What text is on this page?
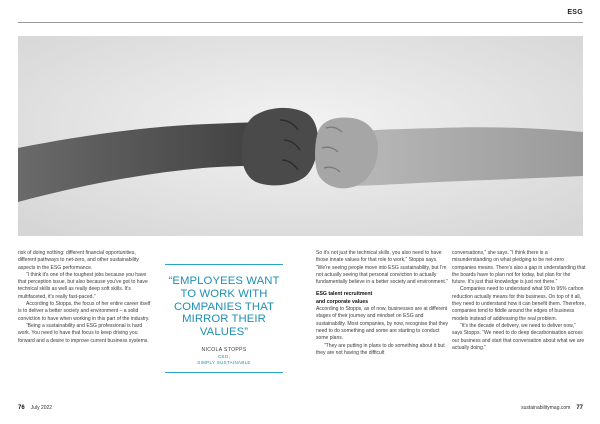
ESG

risk of doing nothing: different financial opportunities, different pathways to net-zero, and other sustainability aspects in the ESG performance.

“I think it's one of the toughest jobs because you have that perception issue, but also because you've got to have technical skills as well as really deep soft skills. It's multifaceted, it's really fast-paced.”

According to Stopps, the focus of her entire career itself is to deliver a better society and environment – a solid conviction to have when working in this part of the industry.

“Being a sustainability and ESG professional is hard work. You need to have that focus to keep driving you forward and a desire to improve current business systems.

“EMPLOYEES WANT TO WORK WITH COMPANIES THAT MIRROR THEIR VALUES”
NICOLA STOPPS
CEO,
SIMPLY SUSTAINABLE

So it's not just the technical skills, you also need to have those innate values for that role to work,” Stopps says. “We're seeing people move into ESG sustainability, but I'm not actually seeing that personal conviction to actually fundamentally believe in a better society and environment.”

ESG talent recruitment
and corporate values

According to Stopps, as of now, businesses are at different stages of their journey and mindset on ESG and sustainability. Most companies, by now, recognise that they need to do something and some are starting to conduct some plans.

“They are putting in plans to do something about it but they are not having the difficult

conversations,” she says. “I think there is a misunderstanding on what pledging to be net-zero companies means. There's also a gap in understanding that the boards have to plan not for today, but plan for the future. It's just that knowledge is just not there.”

Companies need to understand what 90 to 95% carbon reduction actually means for this business. On top of it all, they need to understand how it can benefit them. Therefore, companies tend to fiddle around the edges of business models instead of addressing the real problem.

“It's the decade of delivery, we need to deliver now,” says Stopps. “We need to do deep decarbonisation across our business and start that conversation about what we are actually doing.”

76 July 2022	sustainabilitymag.com 77
